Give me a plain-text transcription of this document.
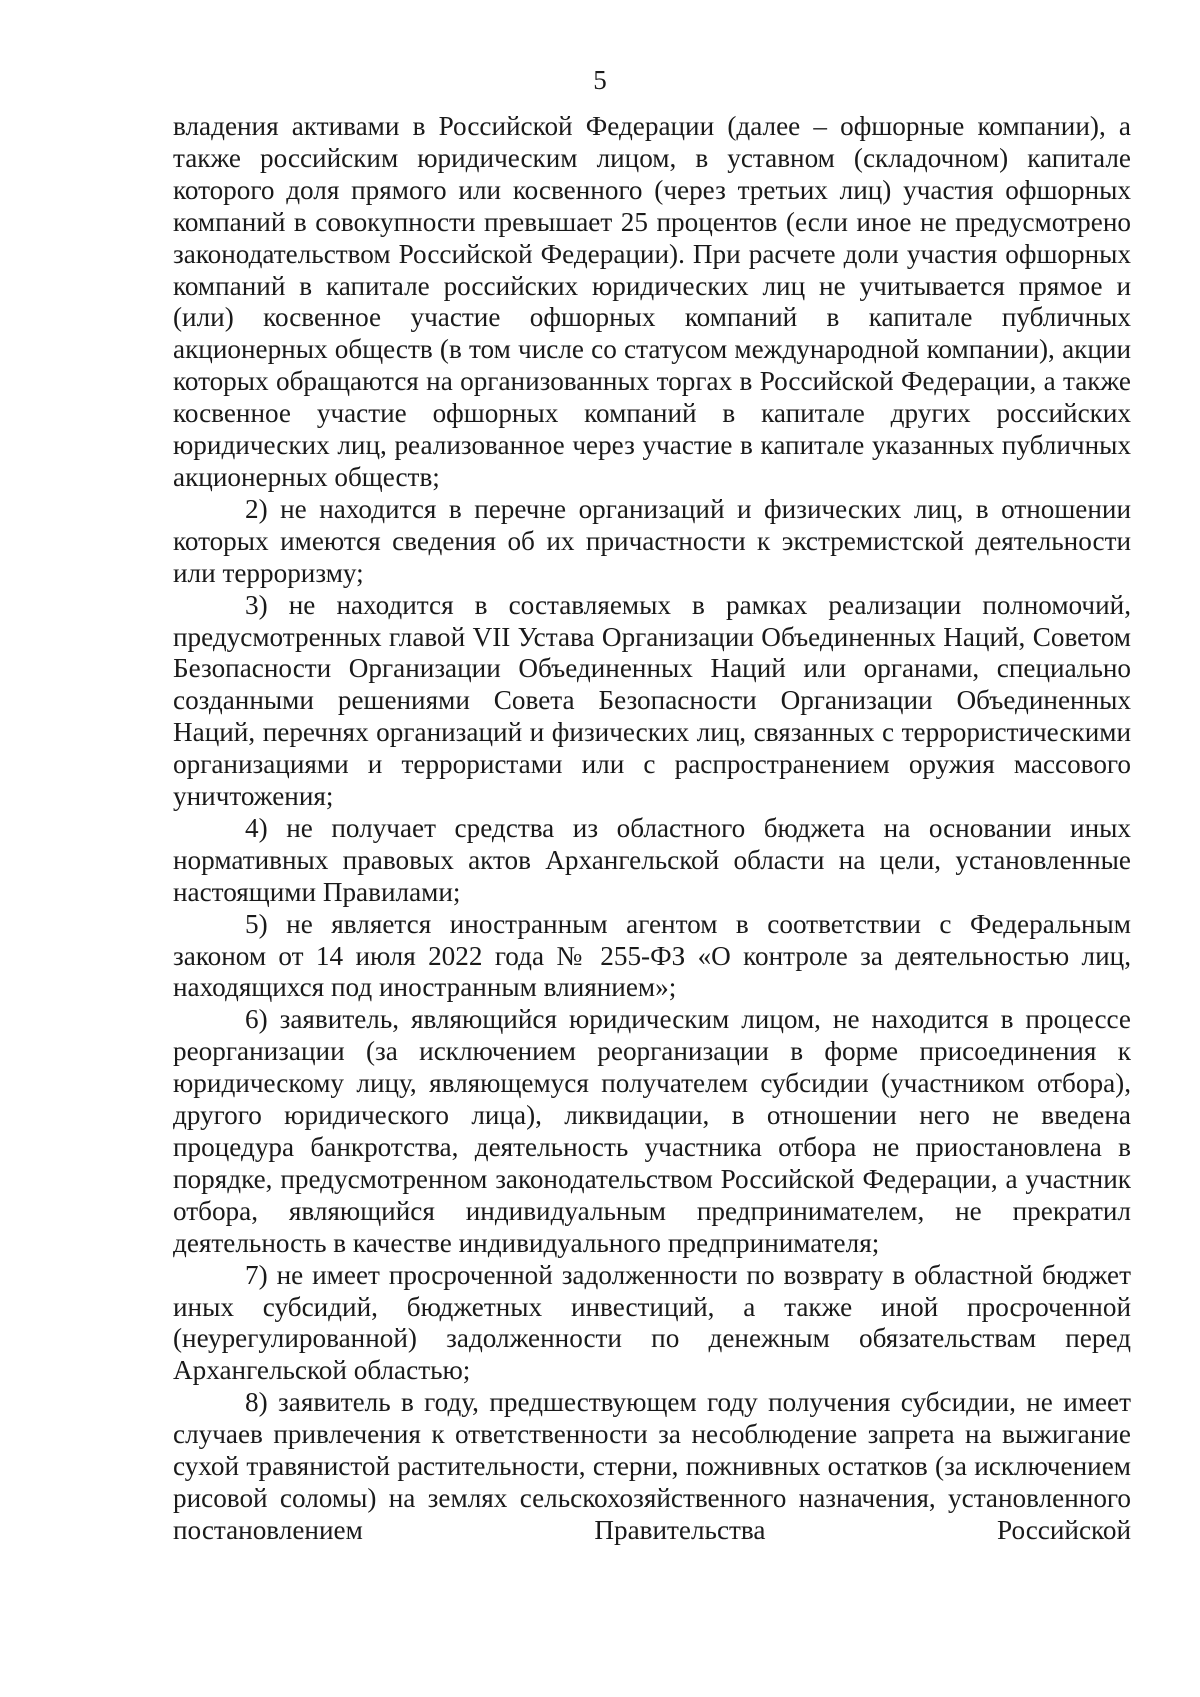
5

владения активами в Российской Федерации (далее – офшорные компании), а также российским юридическим лицом, в уставном (складочном) капитале которого доля прямого или косвенного (через третьих лиц) участия офшорных компаний в совокупности превышает 25 процентов (если иное не предусмотрено законодательством Российской Федерации). При расчете доли участия офшорных компаний в капитале российских юридических лиц не учитывается прямое и (или) косвенное участие офшорных компаний в капитале публичных акционерных обществ (в том числе со статусом международной компании), акции которых обращаются на организованных торгах в Российской Федерации, а также косвенное участие офшорных компаний в капитале других российских юридических лиц, реализованное через участие в капитале указанных публичных акционерных обществ;

2) не находится в перечне организаций и физических лиц, в отношении которых имеются сведения об их причастности к экстремистской деятельности или терроризму;

3) не находится в составляемых в рамках реализации полномочий, предусмотренных главой VII Устава Организации Объединенных Наций, Советом Безопасности Организации Объединенных Наций или органами, специально созданными решениями Совета Безопасности Организации Объединенных Наций, перечнях организаций и физических лиц, связанных с террористическими организациями и террористами или с распространением оружия массового уничтожения;

4) не получает средства из областного бюджета на основании иных нормативных правовых актов Архангельской области на цели, установленные настоящими Правилами;

5) не является иностранным агентом в соответствии с Федеральным законом от 14 июля 2022 года № 255-ФЗ «О контроле за деятельностью лиц, находящихся под иностранным влиянием»;

6) заявитель, являющийся юридическим лицом, не находится в процессе реорганизации (за исключением реорганизации в форме присоединения к юридическому лицу, являющемуся получателем субсидии (участником отбора), другого юридического лица), ликвидации, в отношении него не введена процедура банкротства, деятельность участника отбора не приостановлена в порядке, предусмотренном законодательством Российской Федерации, а участник отбора, являющийся индивидуальным предпринимателем, не прекратил деятельность в качестве индивидуального предпринимателя;

7) не имеет просроченной задолженности по возврату в областной бюджет иных субсидий, бюджетных инвестиций, а также иной просроченной (неурегулированной) задолженности по денежным обязательствам перед Архангельской областью;

8) заявитель в году, предшествующем году получения субсидии, не имеет случаев привлечения к ответственности за несоблюдение запрета на выжигание сухой травянистой растительности, стерни, пожнивных остатков (за исключением рисовой соломы) на землях сельскохозяйственного назначения, установленного постановлением Правительства Российской
